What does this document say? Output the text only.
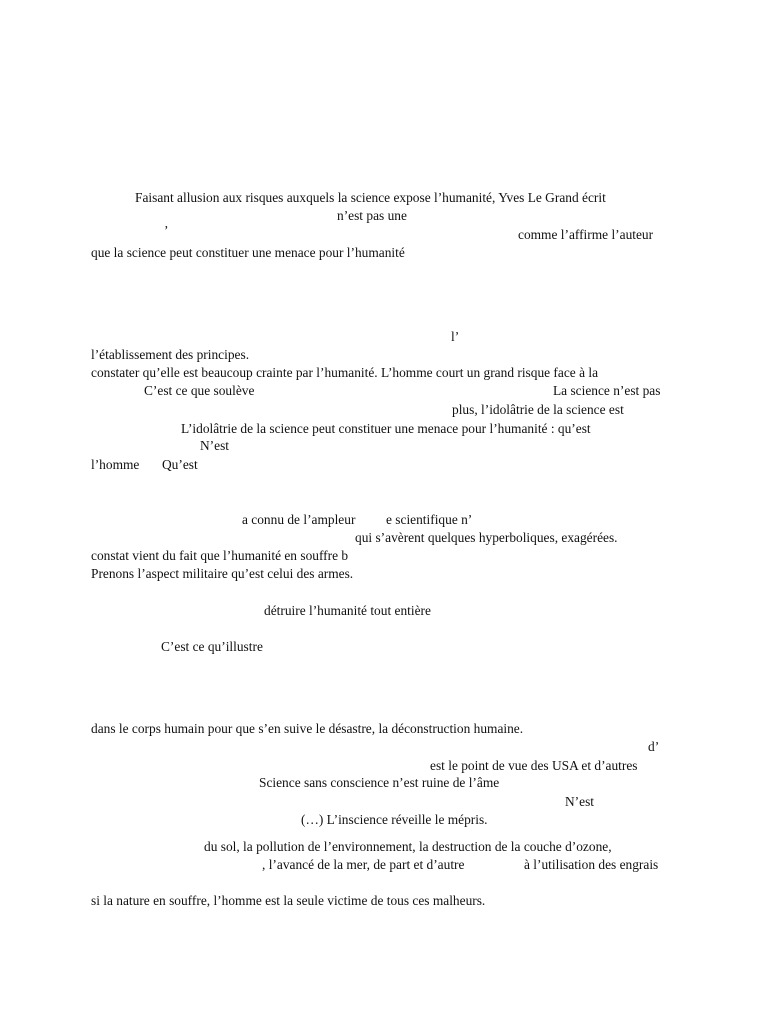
Faisant allusion aux risques auxquels la science expose l’humanité, Yves Le Grand écrit
n’est pas une
’	comme l’affirme l’auteur
que la science peut constituer une menace pour l’humanité
l’
l’établissement des principes.
constater qu’elle est beaucoup crainte par l’humanité. L’homme court un grand risque face à la
C’est ce que soulève	La science n’est pas
plus, l’idolâtrie de la science est
L’idolâtrie de la science peut constituer une menace pour l’humanité : qu’est
N’est
l’homme Qu’est
a connu de l’ampleur e scientifique n’
qui s’avèrent quelques hyperboliques, exagérées.
constat vient du fait que l’humanité en souffre b
Prenons l’aspect militaire qu’est celui des armes.
détruire l’humanité tout entière
C’est ce qu’illustre
dans le corps humain pour que s’en suive le désastre, la déconstruction humaine.
d’
est le point de vue des USA et d’autres
Science sans conscience n’est ruine de l’âme
N’est
(…) L’inscience réveille le mépris.
du sol, la pollution de l’environnement, la destruction de la couche d’ozone,
, l’avancé de la mer, de part et d’autre	à l’utilisation des engrais
si la nature en souffre, l’homme est la seule victime de tous ces malheurs.
